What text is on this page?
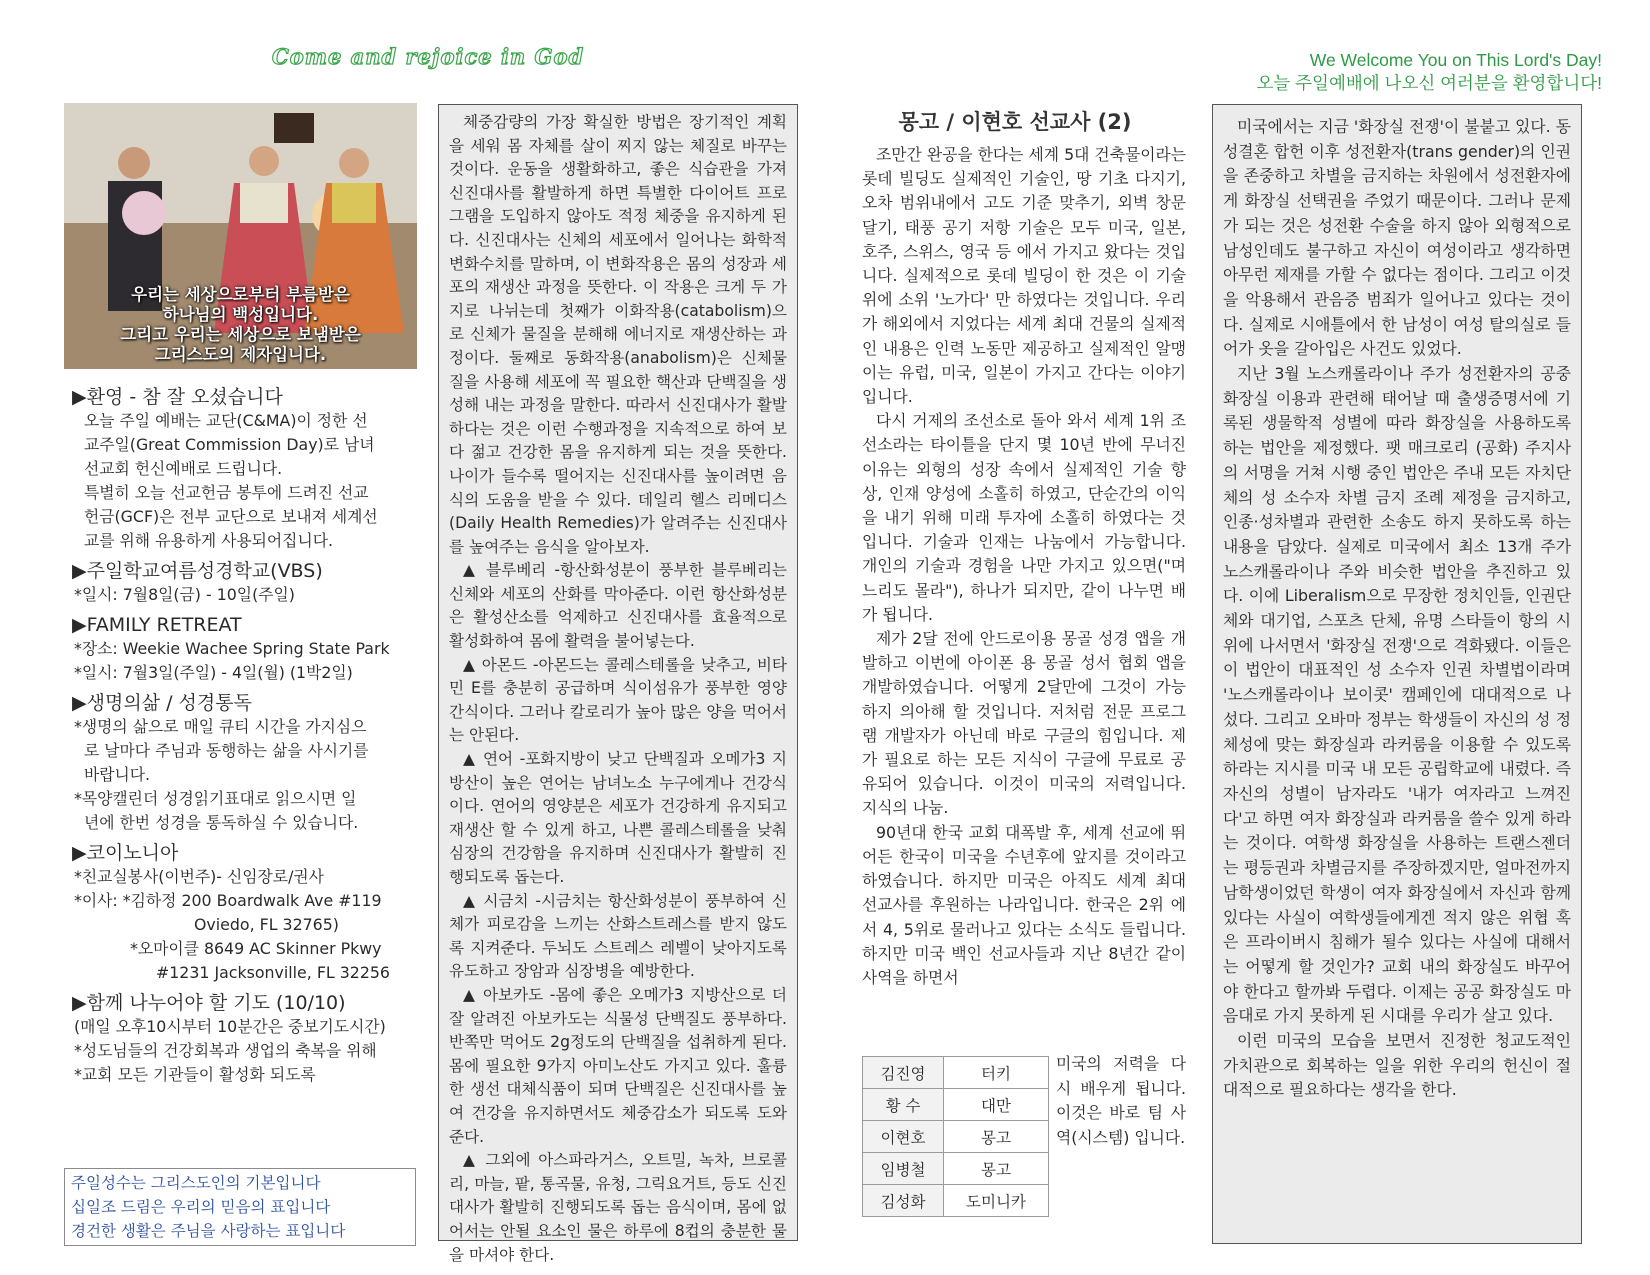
Come and rejoice in God	We Welcome You on This Lord's Day!
오늘 주일예배에 나오신 여러분을 환영합니다!
우리는 세상으로부터 부름받은
하나님의 백성입니다.
그리고 우리는 세상으로 보냄받은
그리스도의 제자입니다.
▶환영 - 참 잘 오셨습니다
오늘 주일 예배는 교단(C&MA)이 정한 선
교주일(Great Commission Day)로 남녀
선교회 헌신예배로 드립니다.
특별히 오늘 선교헌금 봉투에 드려진 선교
헌금(GCF)은 전부 교단으로 보내져 세계선
교를 위해 유용하게 사용되어집니다.
▶주일학교여름성경학교(VBS)
*일시: 7월8일(금) - 10일(주일)
▶FAMILY RETREAT
*장소: Weekie Wachee Spring State Park
*일시: 7월3일(주일) - 4일(월) (1박2일)
▶생명의삶 / 성경통독
*생명의 삶으로 매일 큐티 시간을 가지심으
로 날마다 주님과 동행하는 삶을 사시기를
바랍니다.
*목양캘린더 성경읽기표대로 읽으시면 일
년에 한번 성경을 통독하실 수 있습니다.
▶코이노니아
*친교실봉사(이번주)- 신임장로/권사
*이사: *김하정 200 Boardwalk Ave #119
Oviedo, FL 32765)
*오마이클 8649 AC Skinner Pkwy
#1231 Jacksonville, FL 32256
▶함께 나누어야 할 기도 (10/10)
(매일 오후10시부터 10분간은 중보기도시간)
*성도님들의 건강회복과 생업의 축복을 위해
*교회 모든 기관들이 활성화 되도록
주일성수는 그리스도인의 기본입니다
십일조 드림은 우리의 믿음의 표입니다
경건한 생활은 주님을 사랑하는 표입니다

체중감량의 가장 확실한 방법은 장기적인 계획을 세워 몸 자체를 살이 찌지 않는 체질로 바꾸는 것이다. 운동을 생활화하고, 좋은 식습관을 가져 신진대사를 활발하게 하면 특별한 다이어트 프로그램을 도입하지 않아도 적정 체중을 유지하게 된다. 신진대사는 신체의 세포에서 일어나는 화학적 변화수치를 말하며, 이 변화작용은 몸의 성장과 세포의 재생산 과정을 뜻한다. 이 작용은 크게 두 가지로 나뉘는데 첫째가 이화작용(catabolism)으로 신체가 물질을 분해해 에너지로 재생산하는 과정이다. 둘째로 동화작용(anabolism)은 신체물질을 사용해 세포에 꼭 필요한 핵산과 단백질을 생성해 내는 과정을 말한다. 따라서 신진대사가 활발하다는 것은 이런 수행과정을 지속적으로 하여 보다 젊고 건강한 몸을 유지하게 되는 것을 뜻한다. 나이가 들수록 떨어지는 신진대사를 높이려면 음식의 도움을 받을 수 있다. 데일리 헬스 리메디스(Daily Health Remedies)가 알려주는 신진대사를 높여주는 음식을 알아보자.

▲ 블루베리 -항산화성분이 풍부한 블루베리는 신체와 세포의 산화를 막아준다. 이런 항산화성분은 활성산소를 억제하고 신진대사를 효율적으로 활성화하여 몸에 활력을 불어넣는다.

▲ 아몬드 -아몬드는 콜레스테롤을 낮추고, 비타민 E를 충분히 공급하며 식이섬유가 풍부한 영양간식이다. 그러나 칼로리가 높아 많은 양을 먹어서는 안된다.

▲ 연어 -포화지방이 낮고 단백질과 오메가3 지방산이 높은 연어는 남녀노소 누구에게나 건강식이다. 연어의 영양분은 세포가 건강하게 유지되고 재생산 할 수 있게 하고, 나쁜 콜레스테롤을 낮춰 심장의 건강함을 유지하며 신진대사가 활발히 진행되도록 돕는다.

▲ 시금치 -시금치는 항산화성분이 풍부하여 신체가 피로감을 느끼는 산화스트레스를 받지 않도록 지켜준다. 두뇌도 스트레스 레벨이 낮아지도록 유도하고 장암과 심장병을 예방한다.

▲ 아보카도 -몸에 좋은 오메가3 지방산으로 더 잘 알려진 아보카도는 식물성 단백질도 풍부하다. 반쪽만 먹어도 2g정도의 단백질을 섭취하게 된다. 몸에 필요한 9가지 아미노산도 가지고 있다. 훌륭한 생선 대체식품이 되며 단백질은 신진대사를 높여 건강을 유지하면서도 체중감소가 되도록 도와준다.

▲ 그외에 아스파라거스, 오트밀, 녹차, 브로콜리, 마늘, 팥, 통곡물, 유청, 그릭요거트, 등도 신진대사가 활발히 진행되도록 돕는 음식이며, 몸에 없어서는 안될 요소인 물은 하루에 8컵의 충분한 물을 마셔야 한다.

몽고 / 이현호 선교사 (2)

조만간 완공을 한다는 세계 5대 건축물이라는 롯데 빌딩도 실제적인 기술인, 땅 기초 다지기, 오차 범위내에서 고도 기준 맞추기, 외벽 창문 달기, 태풍 공기 저항 기술은 모두 미국, 일본, 호주, 스위스, 영국 등 에서 가지고 왔다는 것입니다. 실제적으로 롯데 빌딩이 한 것은 이 기술 위에 소위 '노가다' 만 하였다는 것입니다. 우리가 해외에서 지었다는 세계 최대 건물의 실제적인 내용은 인력 노동만 제공하고 실제적인 알맹이는 유럽, 미국, 일본이 가지고 간다는 이야기 입니다.

다시 거제의 조선소로 돌아 와서 세계 1위 조선소라는 타이틀을 단지 몇 10년 반에 무너진 이유는 외형의 성장 속에서 실제적인 기술 향상, 인재 양성에 소홀히 하였고, 단순간의 이익을 내기 위해 미래 투자에 소홀히 하였다는 것입니다. 기술과 인재는 나눔에서 가능합니다. 개인의 기술과 경험을 나만 가지고 있으면("며느리도 몰라"), 하나가 되지만, 같이 나누면 배가 됩니다.

제가 2달 전에 안드로이용 몽골 성경 앱을 개발하고 이번에 아이폰 용 몽골 성서 협회 앱을 개발하였습니다. 어떻게 2달만에 그것이 가능하지 의아해 할 것입니다. 저처럼 전문 프로그램 개발자가 아닌데 바로 구글의 힘입니다. 제가 필요로 하는 모든 지식이 구글에 무료로 공유되어 있습니다. 이것이 미국의 저력입니다. 지식의 나눔.

90년대 한국 교회 대폭발 후, 세계 선교에 뛰어든 한국이 미국을 수년후에 앞지를 것이라고 하였습니다. 하지만 미국은 아직도 세계 최대 선교사를 후원하는 나라입니다. 한국은 2위 에서 4, 5위로 물러나고 있다는 소식도 들립니다. 하지만 미국 백인 선교사들과 지난 8년간 같이 사역을 하면서

김진영	터키
황 수	대만
이현호	몽고
임병철	몽고
김성화	도미니카
미국의 저력을 다시 배우게 됩니다. 이것은 바로 팀 사역(시스템) 입니다.

미국에서는 지금 '화장실 전쟁'이 불붙고 있다. 동성결혼 합헌 이후 성전환자(trans gender)의 인권을 존중하고 차별을 금지하는 차원에서 성전환자에게 화장실 선택권을 주었기 때문이다. 그러나 문제가 되는 것은 성전환 수술을 하지 않아 외형적으로 남성인데도 불구하고 자신이 여성이라고 생각하면 아무런 제재를 가할 수 없다는 점이다. 그리고 이것을 악용해서 관음증 범죄가 일어나고 있다는 것이다. 실제로 시애틀에서 한 남성이 여성 탈의실로 들어가 옷을 갈아입은 사건도 있었다.

지난 3월 노스캐롤라이나 주가 성전환자의 공중화장실 이용과 관련해 태어날 때 출생증명서에 기록된 생물학적 성별에 따라 화장실을 사용하도록 하는 법안을 제정했다. 팻 매크로리 (공화) 주지사의 서명을 거쳐 시행 중인 법안은 주내 모든 자치단체의 성 소수자 차별 금지 조례 제정을 금지하고, 인종·성차별과 관련한 소송도 하지 못하도록 하는 내용을 담았다. 실제로 미국에서 최소 13개 주가 노스캐롤라이나 주와 비슷한 법안을 추진하고 있다. 이에 Liberalism으로 무장한 정치인들, 인권단체와 대기업, 스포츠 단체, 유명 스타들이 항의 시위에 나서면서 '화장실 전쟁'으로 격화됐다. 이들은 이 법안이 대표적인 성 소수자 인권 차별법이라며 '노스캐롤라이나 보이콧' 캠페인에 대대적으로 나섰다. 그리고 오바마 정부는 학생들이 자신의 성 정체성에 맞는 화장실과 라커룸을 이용할 수 있도록 하라는 지시를 미국 내 모든 공립학교에 내렸다. 즉 자신의 성별이 남자라도 '내가 여자라고 느껴진다'고 하면 여자 화장실과 라커룸을 쓸수 있게 하라는 것이다. 여학생 화장실을 사용하는 트랜스젠더는 평등권과 차별금지를 주장하겠지만, 얼마전까지 남학생이었던 학생이 여자 화장실에서 자신과 함께 있다는 사실이 여학생들에게겐 적지 않은 위협 혹은 프라이버시 침해가 될수 있다는 사실에 대해서는 어떻게 할 것인가? 교회 내의 화장실도 바꾸어야 한다고 할까봐 두렵다. 이제는 공공 화장실도 마음대로 가지 못하게 된 시대를 우리가 살고 있다.

이런 미국의 모습을 보면서 진정한 청교도적인 가치관으로 회복하는 일을 위한 우리의 헌신이 절대적으로 필요하다는 생각을 한다.
